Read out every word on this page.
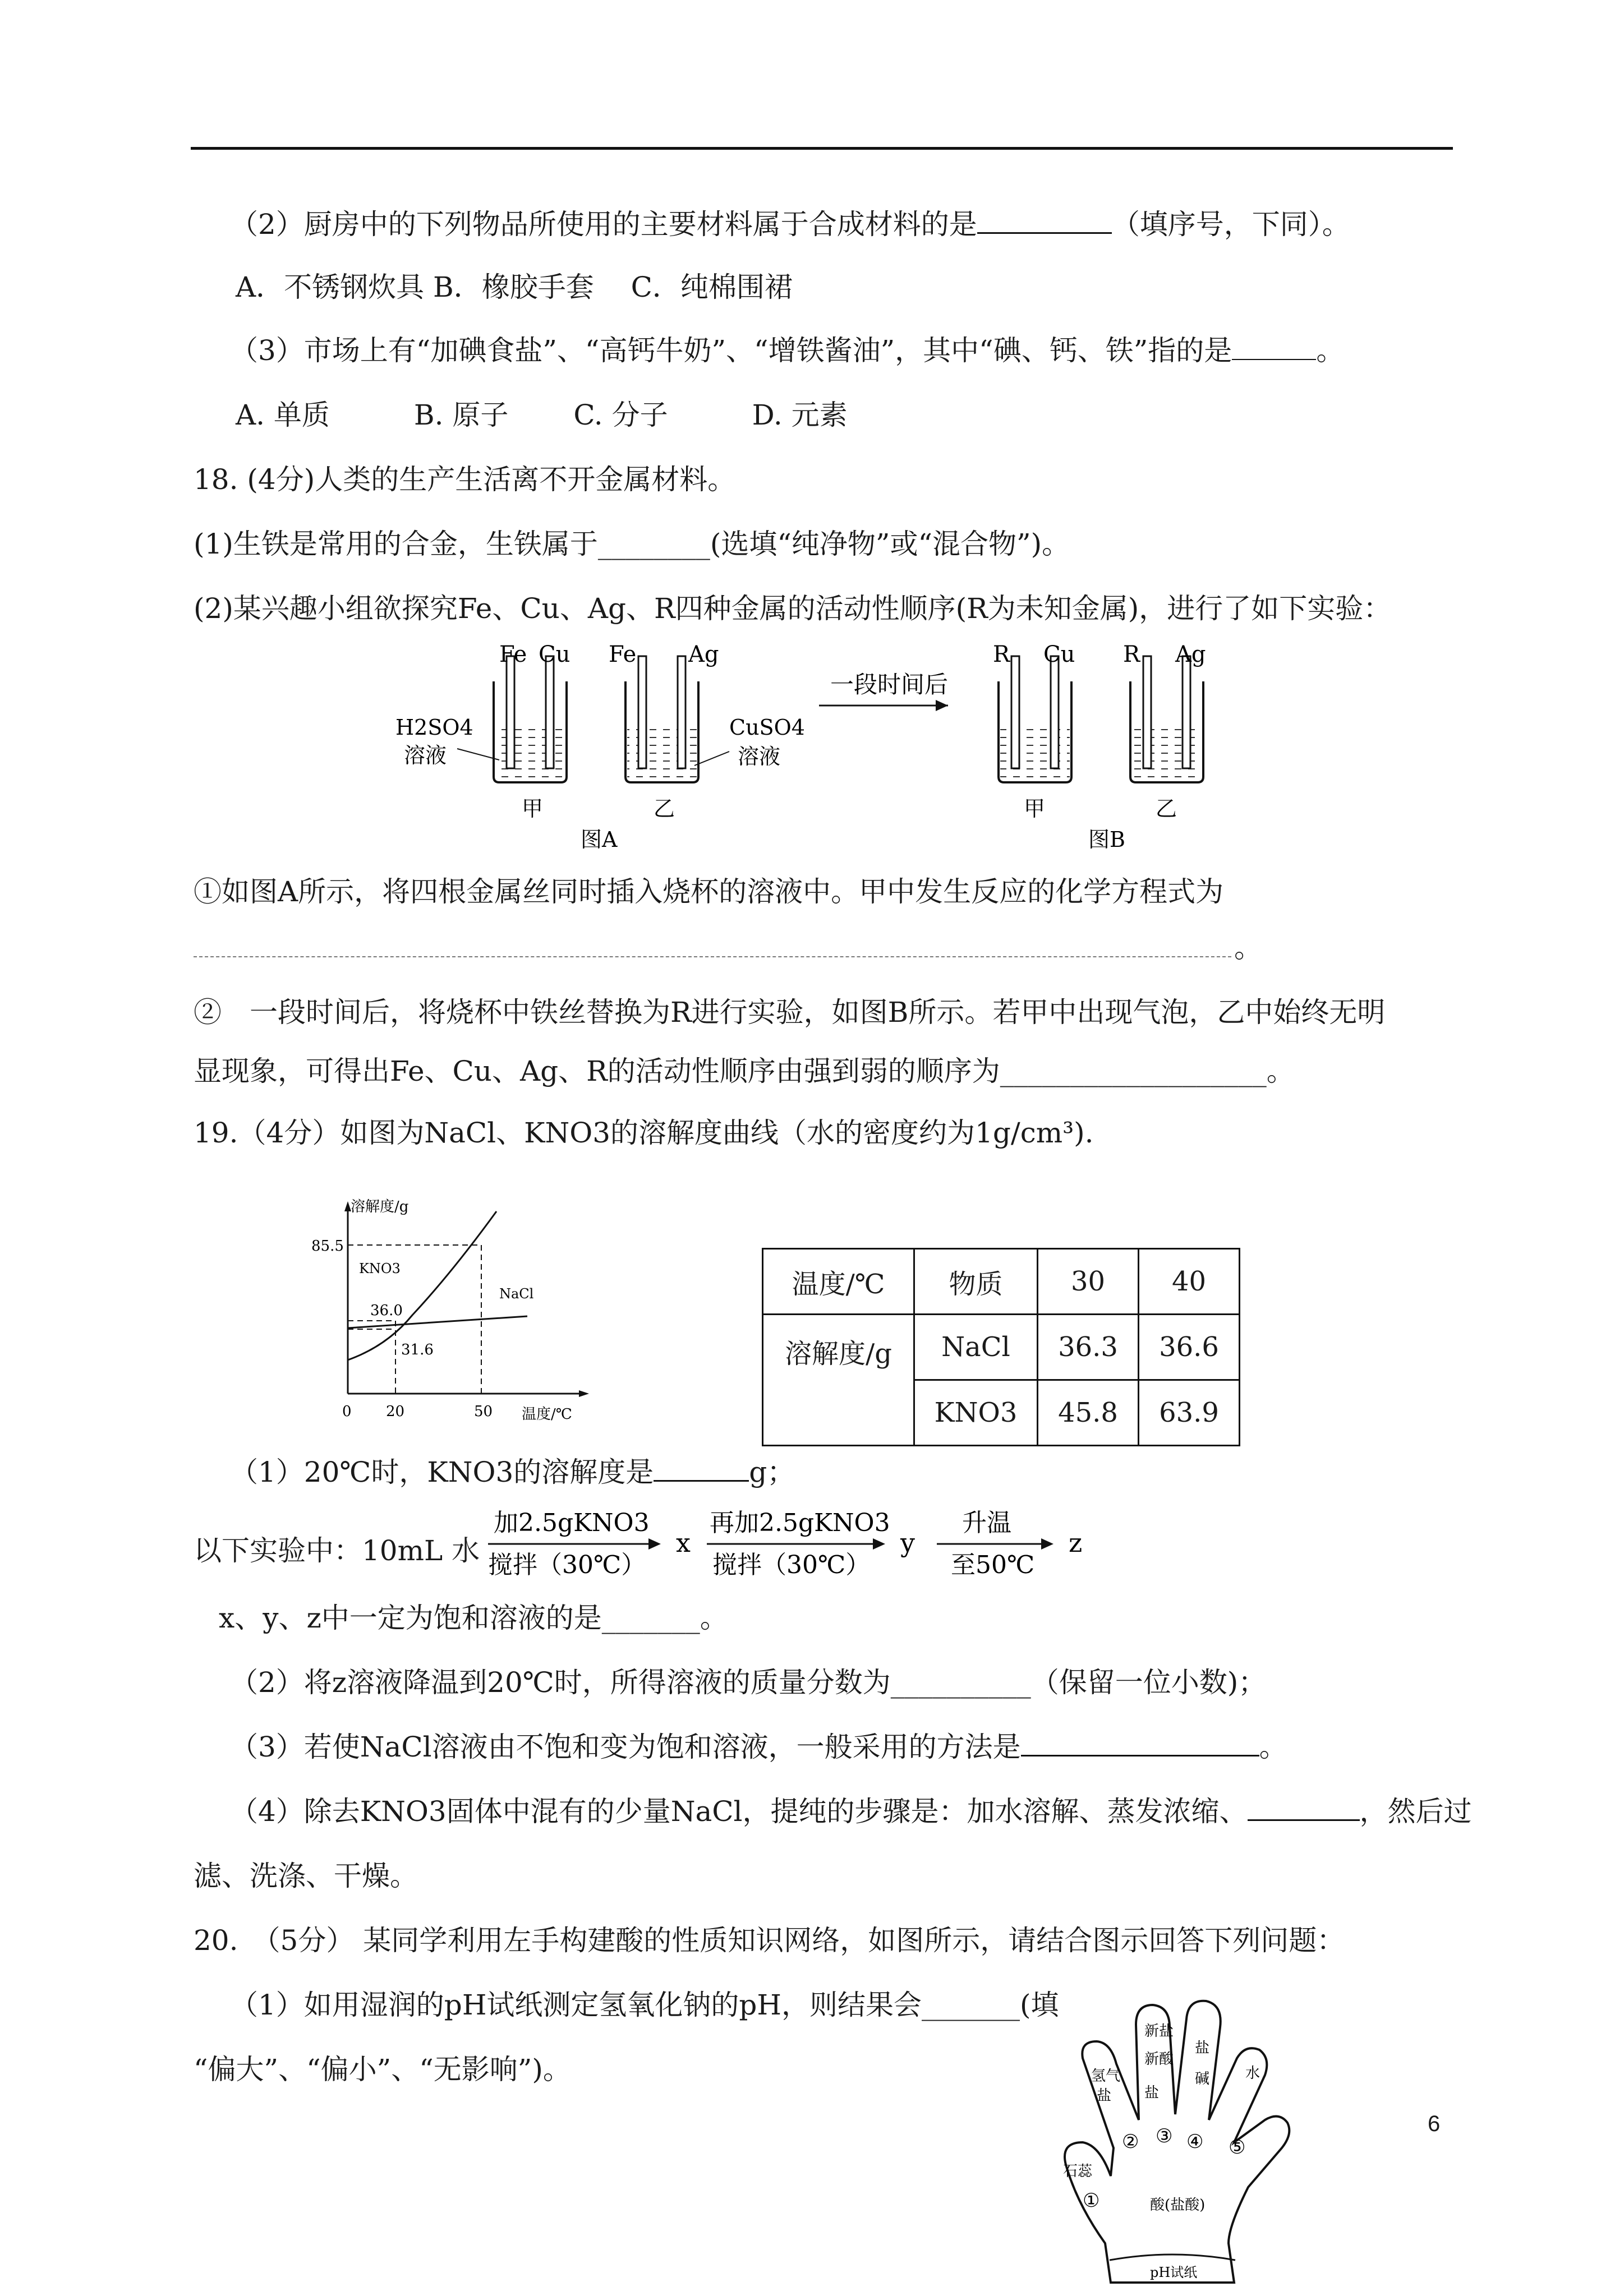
（2）厨房中的下列物品所使用的主要材料属于合成材料的是	（填序号，下同）。
A．不锈钢炊具 B．橡胶手套　 C．纯棉围裙
（3）市场上有“加碘食盐”、“高钙牛奶”、“增铁酱油”，其中“碘、钙、铁”指的是	。
A. 单质　　　B. 原子　　 C. 分子　　　D. 元素
18. (4分)人类的生产生活离不开金属材料。
(1)生铁是常用的合金，生铁属于________(选填“纯净物”或“混合物”)。
(2)某兴趣小组欲探究Fe、Cu、Ag、R四种金属的活动性顺序(R为未知金属)，进行了如下实验：
Fe Cu
H2SO4
溶液
甲
Fe Ag
CuSO4
溶液
乙
一段时间后
R Cu
甲
R Ag
乙
图A	图B
①如图A所示，将四根金属丝同时插入烧杯的溶液中。甲中发生反应的化学方程式为
。
②　一段时间后，将烧杯中铁丝替换为R进行实验，如图B所示。若甲中出现气泡，乙中始终无明
显现象，可得出Fe、Cu、Ag、R的活动性顺序由强到弱的顺序为___________________。
19.（4分）如图为NaCl、KNO3的溶解度曲线（水的密度约为1g/cm³).
溶解度/g
温度/℃
85.5
36.0
31.6
0 20	50
KNO3
NaCl	温度/℃	物质	30	40
溶解度/g	NaCl	36.3	36.6
	KNO3	45.8	63.9
（1）20℃时，KNO3的溶解度是	g；
以下实验中：10mL 水
加2.5gKNO3
搅拌（30℃）
x
再加2.5gKNO3
搅拌（30℃）
y
升温
至50℃
z
x、y、z中一定为饱和溶液的是_______。
（2）将z溶液降温到20℃时，所得溶液的质量分数为__________（保留一位小数)；
（3）若使NaCl溶液由不饱和变为饱和溶液，一般采用的方法是	。
（4）除去KNO3固体中混有的少量NaCl，提纯的步骤是：加水溶解、蒸发浓缩、	，然后过
滤、洗涤、干燥。
20.　（5分） 某同学利用左手构建酸的性质知识网络，如图所示，请结合图示回答下列问题：
（1）如用湿润的pH试纸测定氢氧化钠的pH，则结果会_______(填
“偏大”、“偏小”、“无影响”)。	氢气
盐
新盐
新酸
盐
盐
碱 水
石蕊
①
② ③ ④ ⑤
酸(盐酸)
pH试纸
6
